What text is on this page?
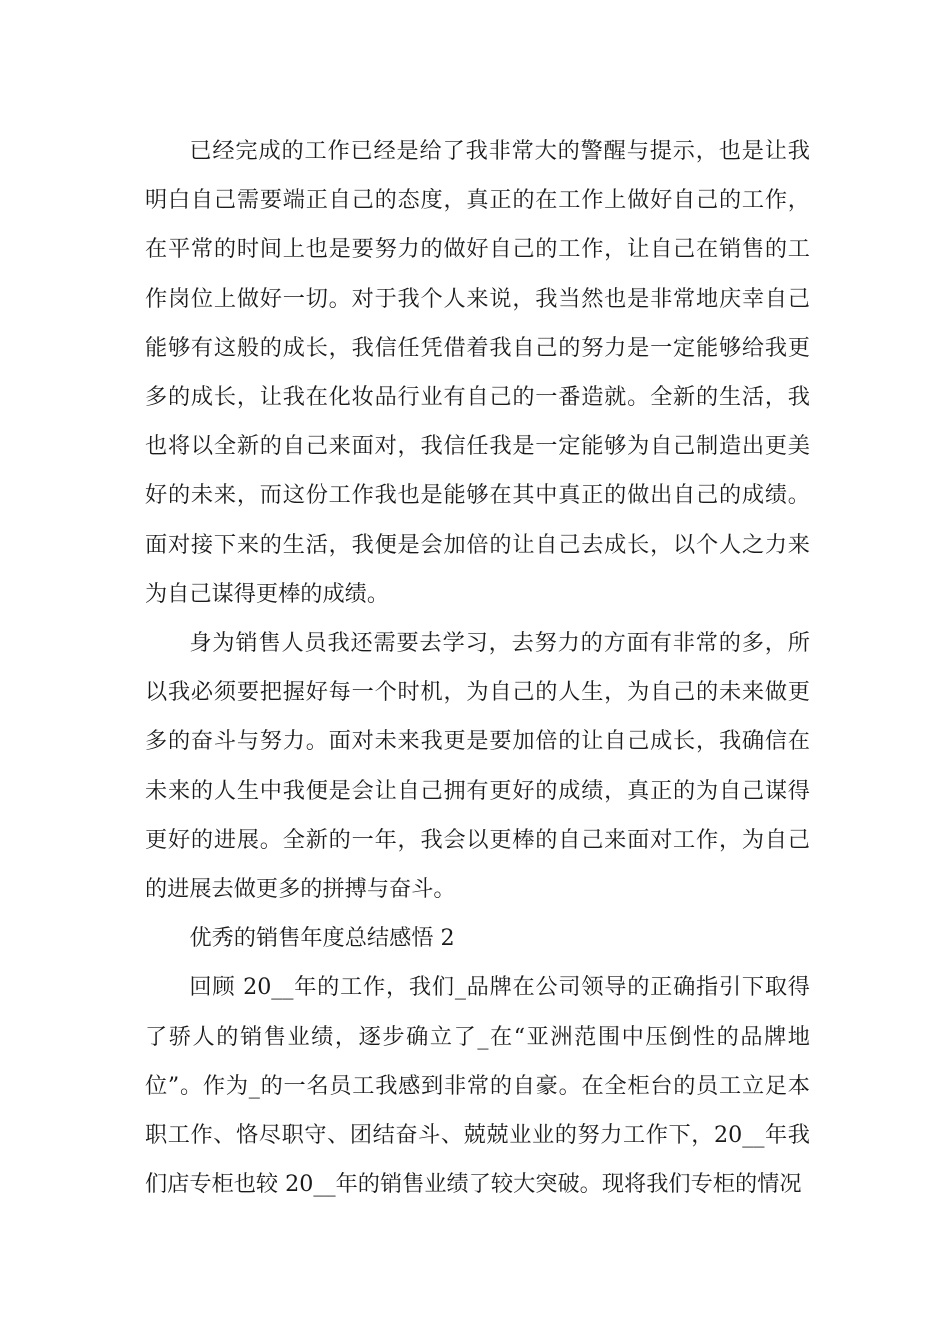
已经完成的工作已经是给了我非常大的警醒与提示，也是让我明白自己需要端正自己的态度，真正的在工作上做好自己的工作，在平常的时间上也是要努力的做好自己的工作，让自己在销售的工作岗位上做好一切。对于我个人来说，我当然也是非常地庆幸自己能够有这般的成长，我信任凭借着我自己的努力是一定能够给我更多的成长，让我在化妆品行业有自己的一番造就。全新的生活，我也将以全新的自己来面对，我信任我是一定能够为自己制造出更美好的未来，而这份工作我也是能够在其中真正的做出自己的成绩。面对接下来的生活，我便是会加倍的让自己去成长，以个人之力来为自己谋得更棒的成绩。

身为销售人员我还需要去学习，去努力的方面有非常的多，所以我必须要把握好每一个时机，为自己的人生，为自己的未来做更多的奋斗与努力。面对未来我更是要加倍的让自己成长，我确信在未来的人生中我便是会让自己拥有更好的成绩，真正的为自己谋得更好的进展。全新的一年，我会以更棒的自己来面对工作，为自己的进展去做更多的拼搏与奋斗。

优秀的销售年度总结感悟 2

回顾 20__年的工作，我们_品牌在公司领导的正确指引下取得了骄人的销售业绩，逐步确立了_在“亚洲范围中压倒性的品牌地位”。作为_的一名员工我感到非常的自豪。在全柜台的员工立足本职工作、恪尽职守、团结奋斗、兢兢业业的努力工作下，20__年我们店专柜也较 20__年的销售业绩了较大突破。现将我们专柜的情况
